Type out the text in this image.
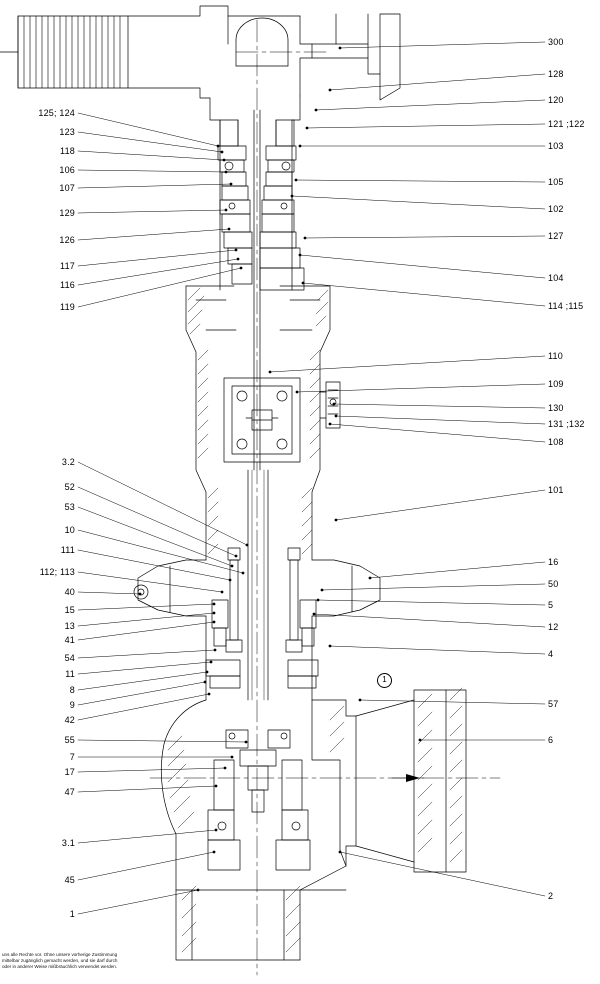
125; 124
123
118
106
107
129
126
117
116
119
3.2
52
53
10
111
112; 113
40
15
13
41
54
11
8
9
42
55
7
17
47
3.1
45
1
300
128
120
121 ;122
103
105
102
127
104
114 ;115
110
109
130
131 ;132
108
101
16
50
5
12
4
57
6
2
1
uns alle Rechte vor. Ohne unsere vorherige Zustimmung
mittelbar zugänglich gemacht werden, und sie darf durch
oder in anderer Weise mißbräuchlich verwendet werden.
